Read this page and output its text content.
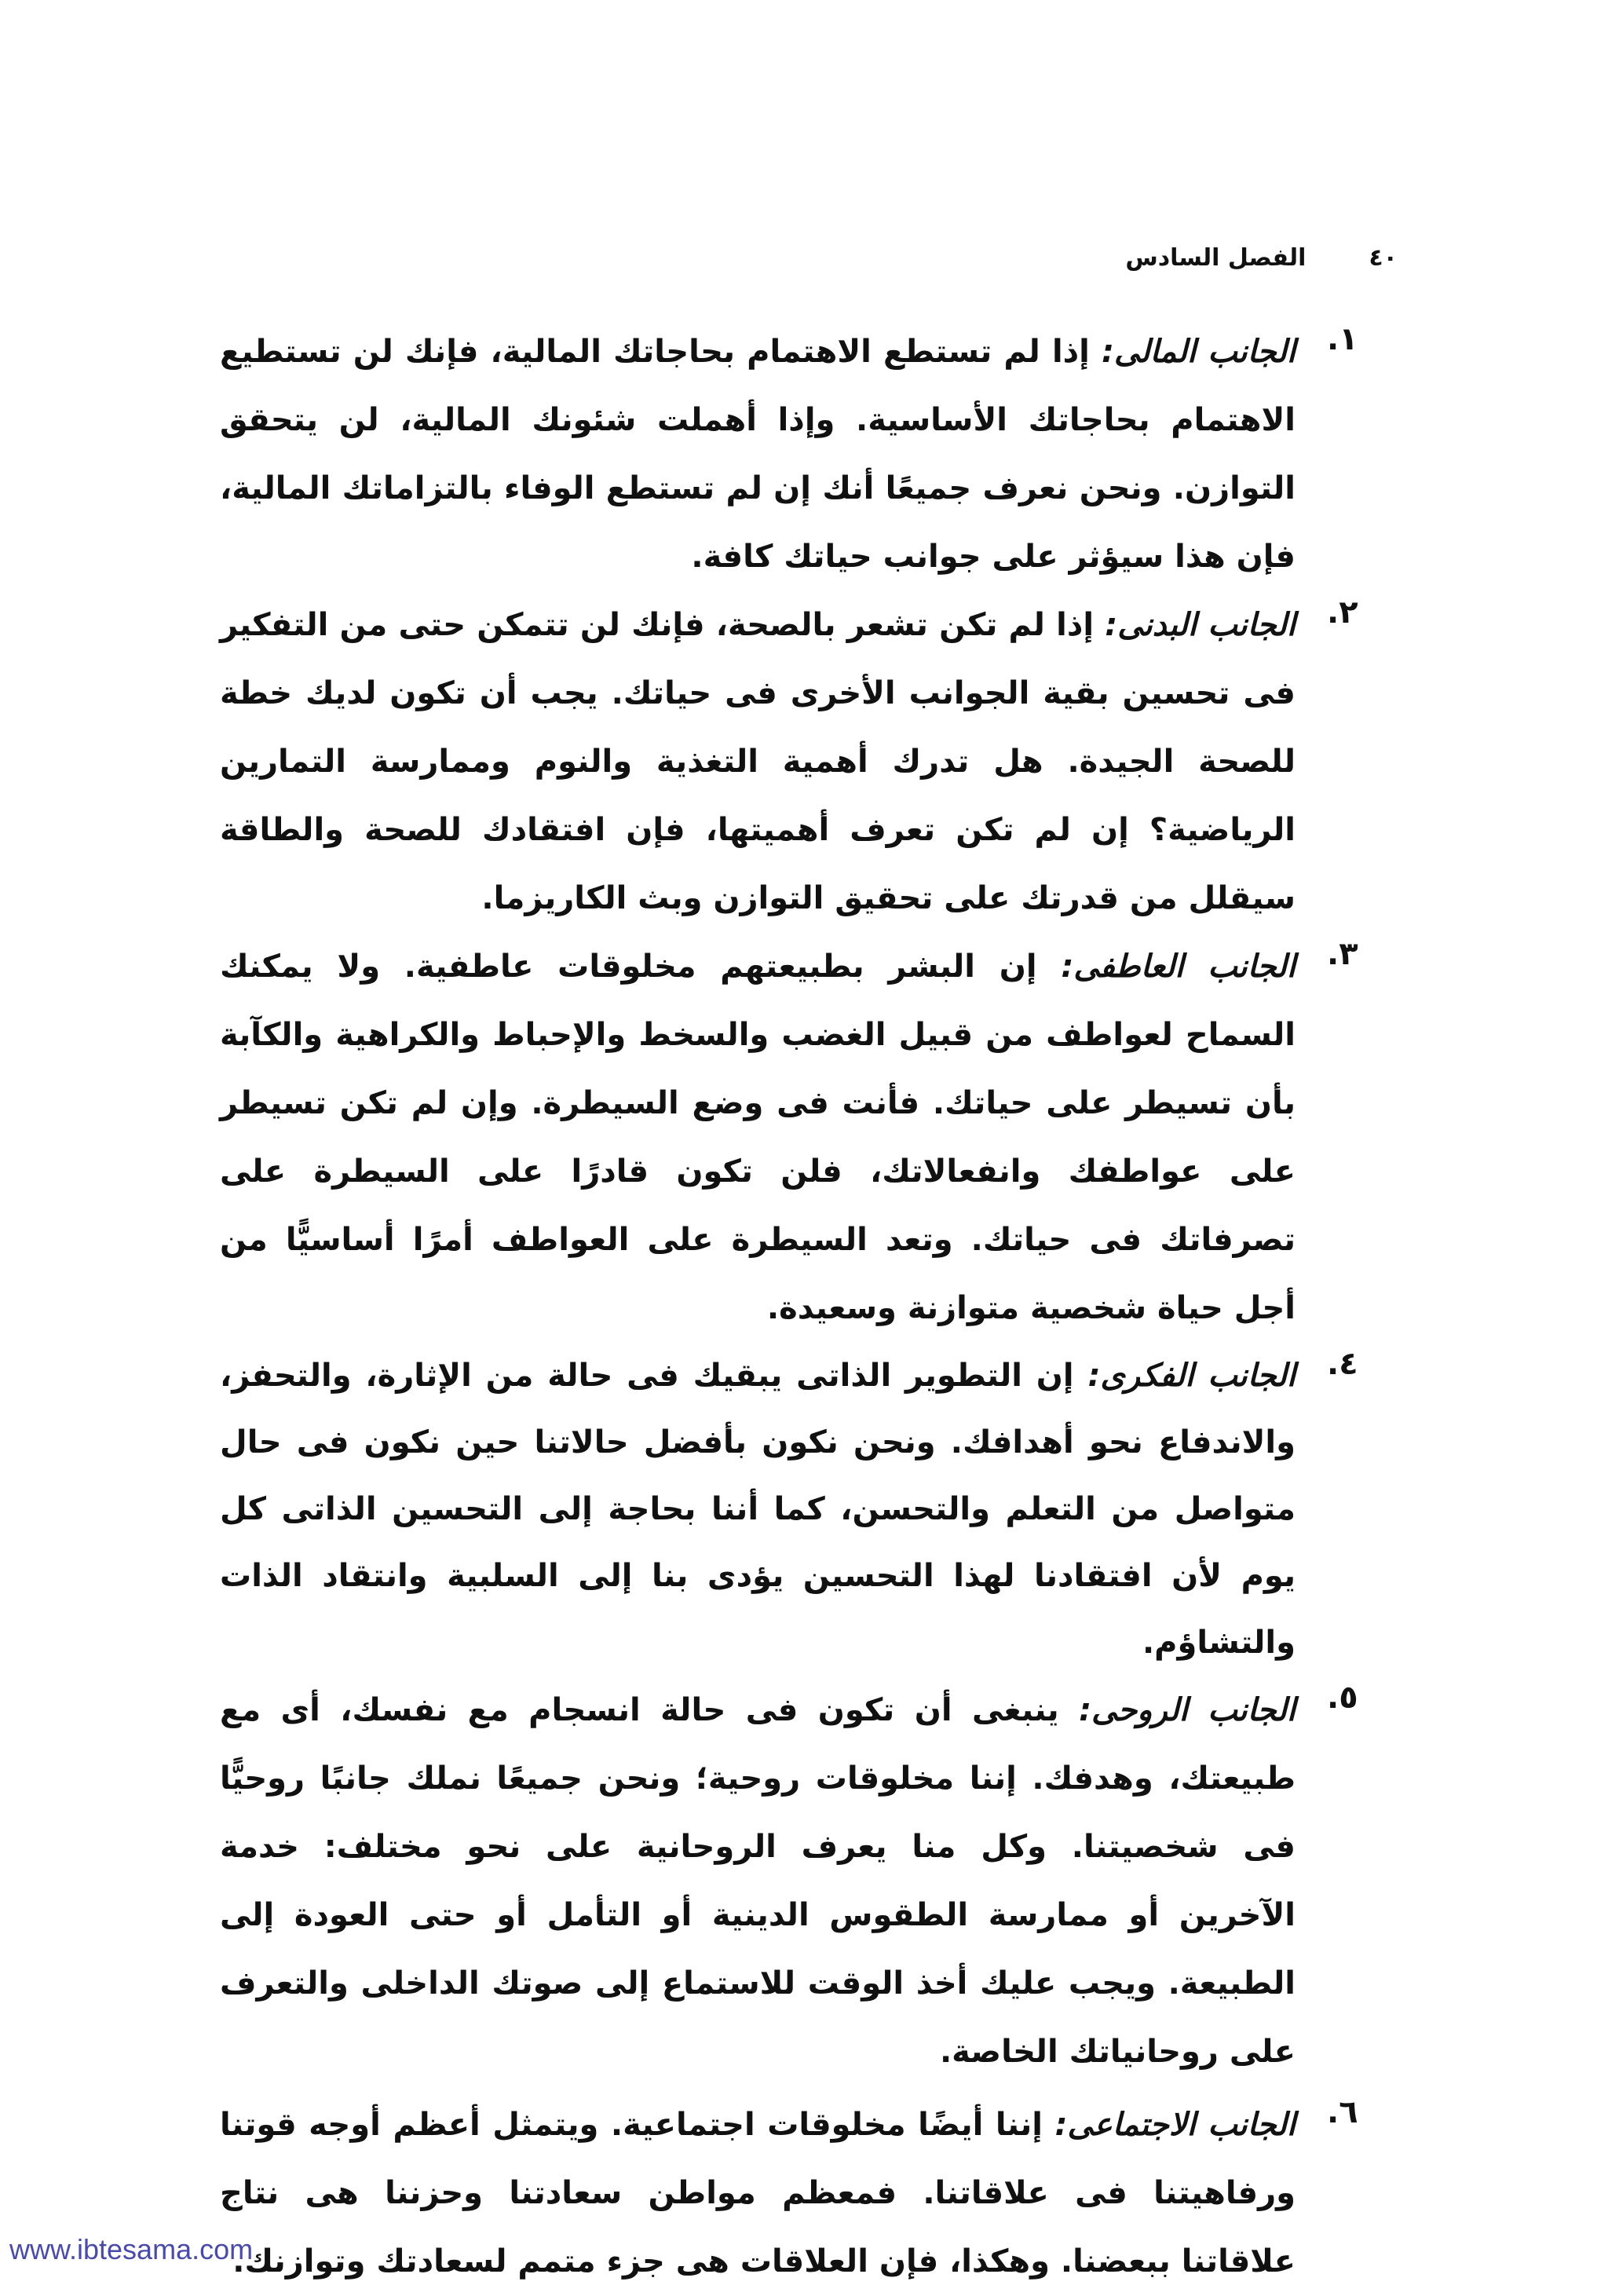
٤٠
الفصل السادس
.١

الجانب المالى: إذا لم تستطع الاهتمام بحاجاتك المالية، فإنك لن تستطيع الاهتمام بحاجاتك الأساسية. وإذا أهملت شئونك المالية، لن يتحقق التوازن. ونحن نعرف جميعًا أنك إن لم تستطع الوفاء بالتزاماتك المالية، فإن هذا سيؤثر على جوانب حياتك كافة.

.٢

الجانب البدنى: إذا لم تكن تشعر بالصحة، فإنك لن تتمكن حتى من التفكير فى تحسين بقية الجوانب الأخرى فى حياتك. يجب أن تكون لديك خطة للصحة الجيدة. هل تدرك أهمية التغذية والنوم وممارسة التمارين الرياضية؟ إن لم تكن تعرف أهميتها، فإن افتقادك للصحة والطاقة سيقلل من قدرتك على تحقيق التوازن وبث الكاريزما.

.٣

الجانب العاطفى: إن البشر بطبيعتهم مخلوقات عاطفية. ولا يمكنك السماح لعواطف من قبيل الغضب والسخط والإحباط والكراهية والكآبة بأن تسيطر على حياتك. فأنت فى وضع السيطرة. وإن لم تكن تسيطر على عواطفك وانفعالاتك، فلن تكون قادرًا على السيطرة على تصرفاتك فى حياتك. وتعد السيطرة على العواطف أمرًا أساسيًّا من أجل حياة شخصية متوازنة وسعيدة.

.٤

الجانب الفكرى: إن التطوير الذاتى يبقيك فى حالة من الإثارة، والتحفز، والاندفاع نحو أهدافك. ونحن نكون بأفضل حالاتنا حين نكون فى حال متواصل من التعلم والتحسن، كما أننا بحاجة إلى التحسين الذاتى كل يوم لأن افتقادنا لهذا التحسين يؤدى بنا إلى السلبية وانتقاد الذات والتشاؤم.

.٥

الجانب الروحى: ينبغى أن تكون فى حالة انسجام مع نفسك، أى مع طبيعتك، وهدفك. إننا مخلوقات روحية؛ ونحن جميعًا نملك جانبًا روحيًّا فى شخصيتنا. وكل منا يعرف الروحانية على نحو مختلف: خدمة الآخرين أو ممارسة الطقوس الدينية أو التأمل أو حتى العودة إلى الطبيعة. ويجب عليك أخذ الوقت للاستماع إلى صوتك الداخلى والتعرف على روحانياتك الخاصة.

.٦

الجانب الاجتماعى: إننا أيضًا مخلوقات اجتماعية. ويتمثل أعظم أوجه قوتنا ورفاهيتنا فى علاقاتنا. فمعظم مواطن سعادتنا وحزننا هى نتاج علاقاتنا ببعضنا. وهكذا، فإن العلاقات هى جزء متمم لسعادتك وتوازنك.

www.ibtesama.com
